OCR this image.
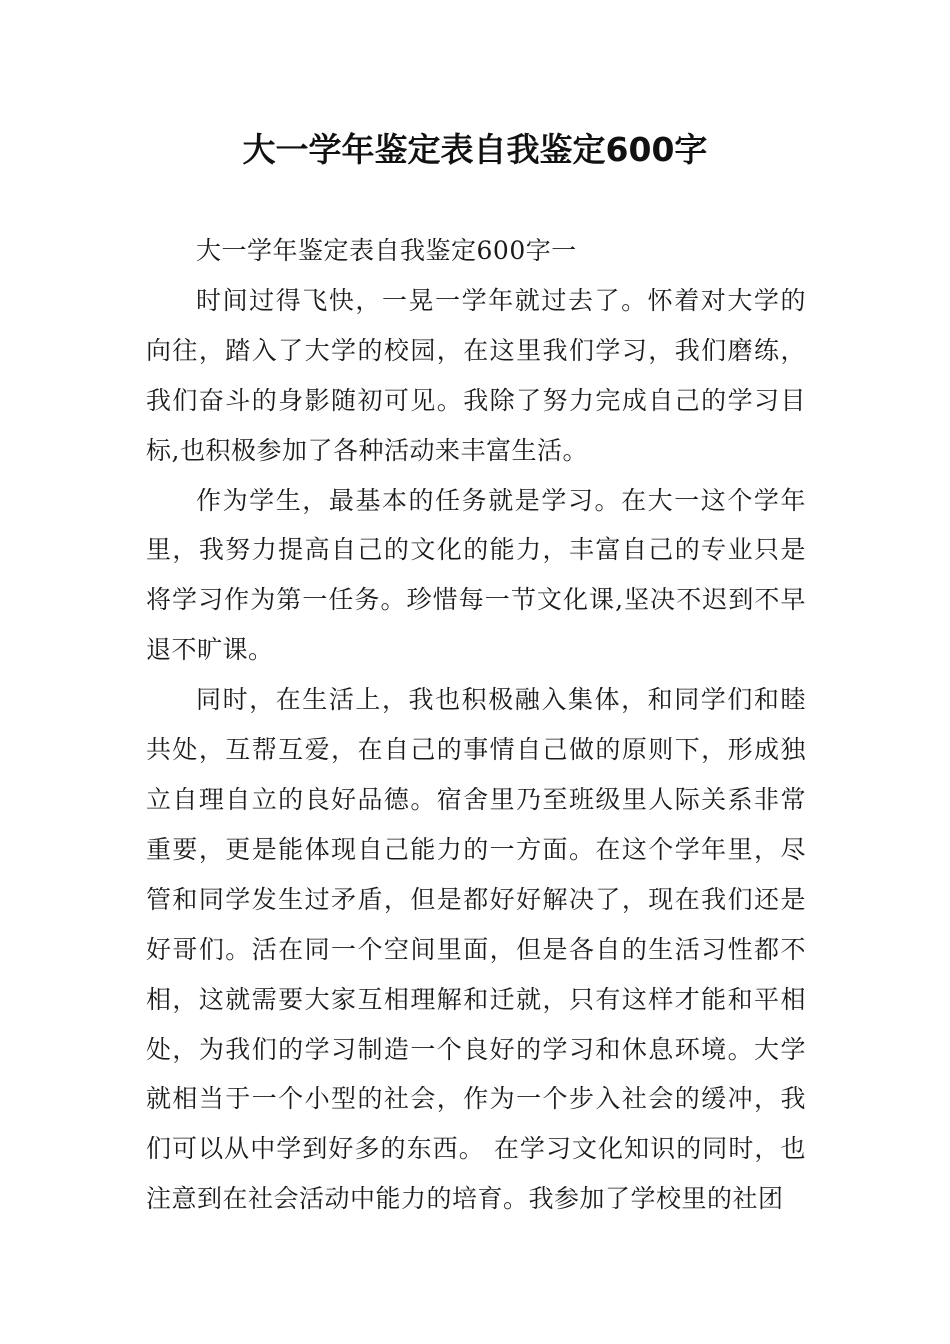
大一学年鉴定表自我鉴定600字

大一学年鉴定表自我鉴定600字一

时间过得飞快，一晃一学年就过去了。怀着对大学的向往，踏入了大学的校园，在这里我们学习，我们磨练，我们奋斗的身影随初可见。我除了努力完成自己的学习目标,也积极参加了各种活动来丰富生活。

作为学生，最基本的任务就是学习。在大一这个学年里，我努力提高自己的文化的能力，丰富自己的专业只是将学习作为第一任务。珍惜每一节文化课,坚决不迟到不早退不旷课。

同时，在生活上，我也积极融入集体，和同学们和睦共处，互帮互爱，在自己的事情自己做的原则下，形成独立自理自立的良好品德。宿舍里乃至班级里人际关系非常重要，更是能体现自己能力的一方面。在这个学年里，尽管和同学发生过矛盾，但是都好好解决了，现在我们还是好哥们。活在同一个空间里面，但是各自的生活习性都不相，这就需要大家互相理解和迁就，只有这样才能和平相处，为我们的学习制造一个良好的学习和休息环境。大学就相当于一个小型的社会，作为一个步入社会的缓冲，我们可以从中学到好多的东西。 在学习文化知识的同时，也注意到在社会活动中能力的培育。我参加了学校里的社团
